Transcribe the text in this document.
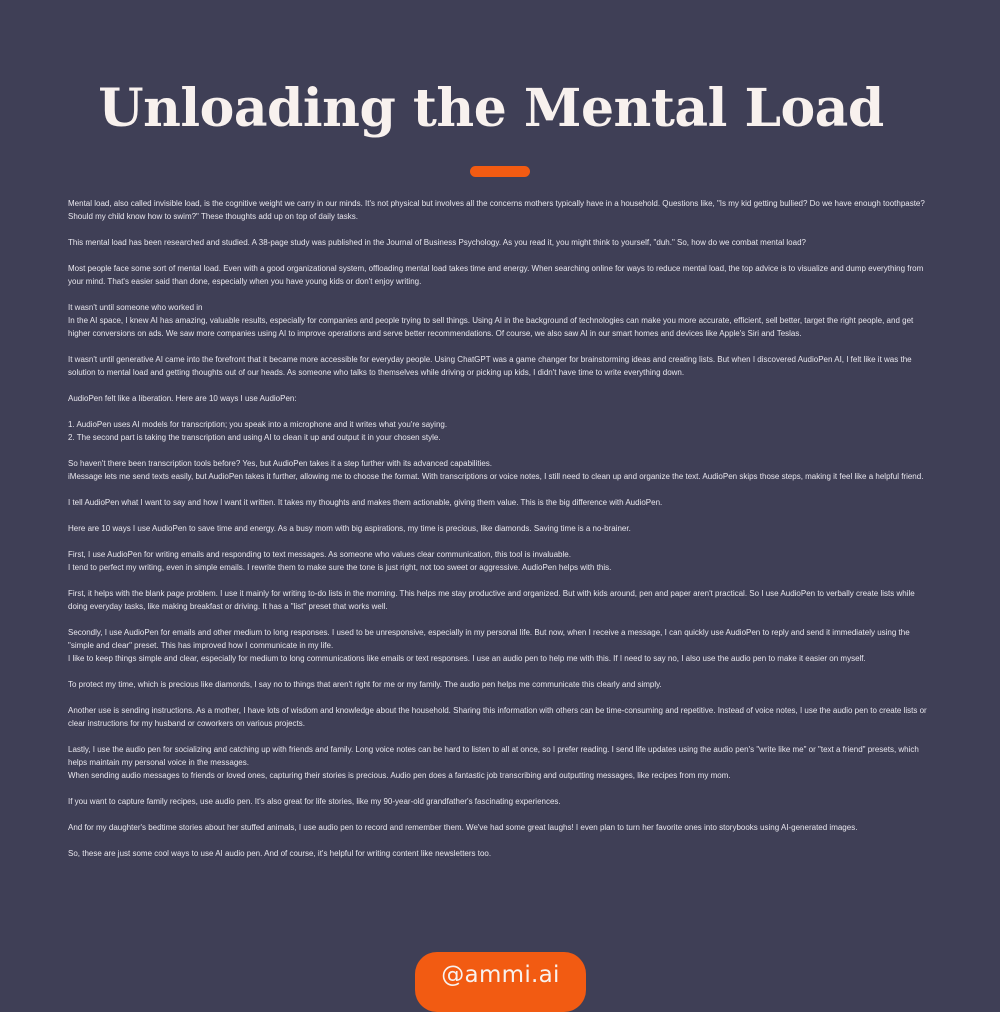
Unloading the Mental Load

Mental load, also called invisible load, is the cognitive weight we carry in our minds. It's not physical but involves all the concerns mothers typically have in a household. Questions like, "Is my kid getting bullied? Do we have enough toothpaste? Should my child know how to swim?" These thoughts add up on top of daily tasks.

This mental load has been researched and studied. A 38-page study was published in the Journal of Business Psychology. As you read it, you might think to yourself, "duh." So, how do we combat mental load?

Most people face some sort of mental load. Even with a good organizational system, offloading mental load takes time and energy. When searching online for ways to reduce mental load, the top advice is to visualize and dump everything from your mind. That's easier said than done, especially when you have young kids or don't enjoy writing.

It wasn't until someone who worked in
In the AI space, I knew AI has amazing, valuable results, especially for companies and people trying to sell things. Using AI in the background of technologies can make you more accurate, efficient, sell better, target the right people, and get higher conversions on ads. We saw more companies using AI to improve operations and serve better recommendations. Of course, we also saw AI in our smart homes and devices like Apple's Siri and Teslas.

It wasn't until generative AI came into the forefront that it became more accessible for everyday people. Using ChatGPT was a game changer for brainstorming ideas and creating lists. But when I discovered AudioPen AI, I felt like it was the solution to mental load and getting thoughts out of our heads. As someone who talks to themselves while driving or picking up kids, I didn't have time to write everything down.

AudioPen felt like a liberation. Here are 10 ways I use AudioPen:

1. AudioPen uses AI models for transcription; you speak into a microphone and it writes what you're saying.
2. The second part is taking the transcription and using AI to clean it up and output it in your chosen style.

So haven't there been transcription tools before? Yes, but AudioPen takes it a step further with its advanced capabilities.
iMessage lets me send texts easily, but AudioPen takes it further, allowing me to choose the format. With transcriptions or voice notes, I still need to clean up and organize the text. AudioPen skips those steps, making it feel like a helpful friend.

I tell AudioPen what I want to say and how I want it written. It takes my thoughts and makes them actionable, giving them value. This is the big difference with AudioPen.

Here are 10 ways I use AudioPen to save time and energy. As a busy mom with big aspirations, my time is precious, like diamonds. Saving time is a no-brainer.

First, I use AudioPen for writing emails and responding to text messages. As someone who values clear communication, this tool is invaluable.
I tend to perfect my writing, even in simple emails. I rewrite them to make sure the tone is just right, not too sweet or aggressive. AudioPen helps with this.

First, it helps with the blank page problem. I use it mainly for writing to-do lists in the morning. This helps me stay productive and organized. But with kids around, pen and paper aren't practical. So I use AudioPen to verbally create lists while doing everyday tasks, like making breakfast or driving. It has a "list" preset that works well.

Secondly, I use AudioPen for emails and other medium to long responses. I used to be unresponsive, especially in my personal life. But now, when I receive a message, I can quickly use AudioPen to reply and send it immediately using the "simple and clear" preset. This has improved how I communicate in my life.
I like to keep things simple and clear, especially for medium to long communications like emails or text responses. I use an audio pen to help me with this. If I need to say no, I also use the audio pen to make it easier on myself.

To protect my time, which is precious like diamonds, I say no to things that aren't right for me or my family. The audio pen helps me communicate this clearly and simply.

Another use is sending instructions. As a mother, I have lots of wisdom and knowledge about the household. Sharing this information with others can be time-consuming and repetitive. Instead of voice notes, I use the audio pen to create lists or clear instructions for my husband or coworkers on various projects.

Lastly, I use the audio pen for socializing and catching up with friends and family. Long voice notes can be hard to listen to all at once, so I prefer reading. I send life updates using the audio pen's "write like me" or "text a friend" presets, which helps maintain my personal voice in the messages.
When sending audio messages to friends or loved ones, capturing their stories is precious. Audio pen does a fantastic job transcribing and outputting messages, like recipes from my mom.

If you want to capture family recipes, use audio pen. It's also great for life stories, like my 90-year-old grandfather's fascinating experiences.

And for my daughter's bedtime stories about her stuffed animals, I use audio pen to record and remember them. We've had some great laughs! I even plan to turn her favorite ones into storybooks using AI-generated images.

So, these are just some cool ways to use AI audio pen. And of course, it's helpful for writing content like newsletters too.

@ammi.ai
